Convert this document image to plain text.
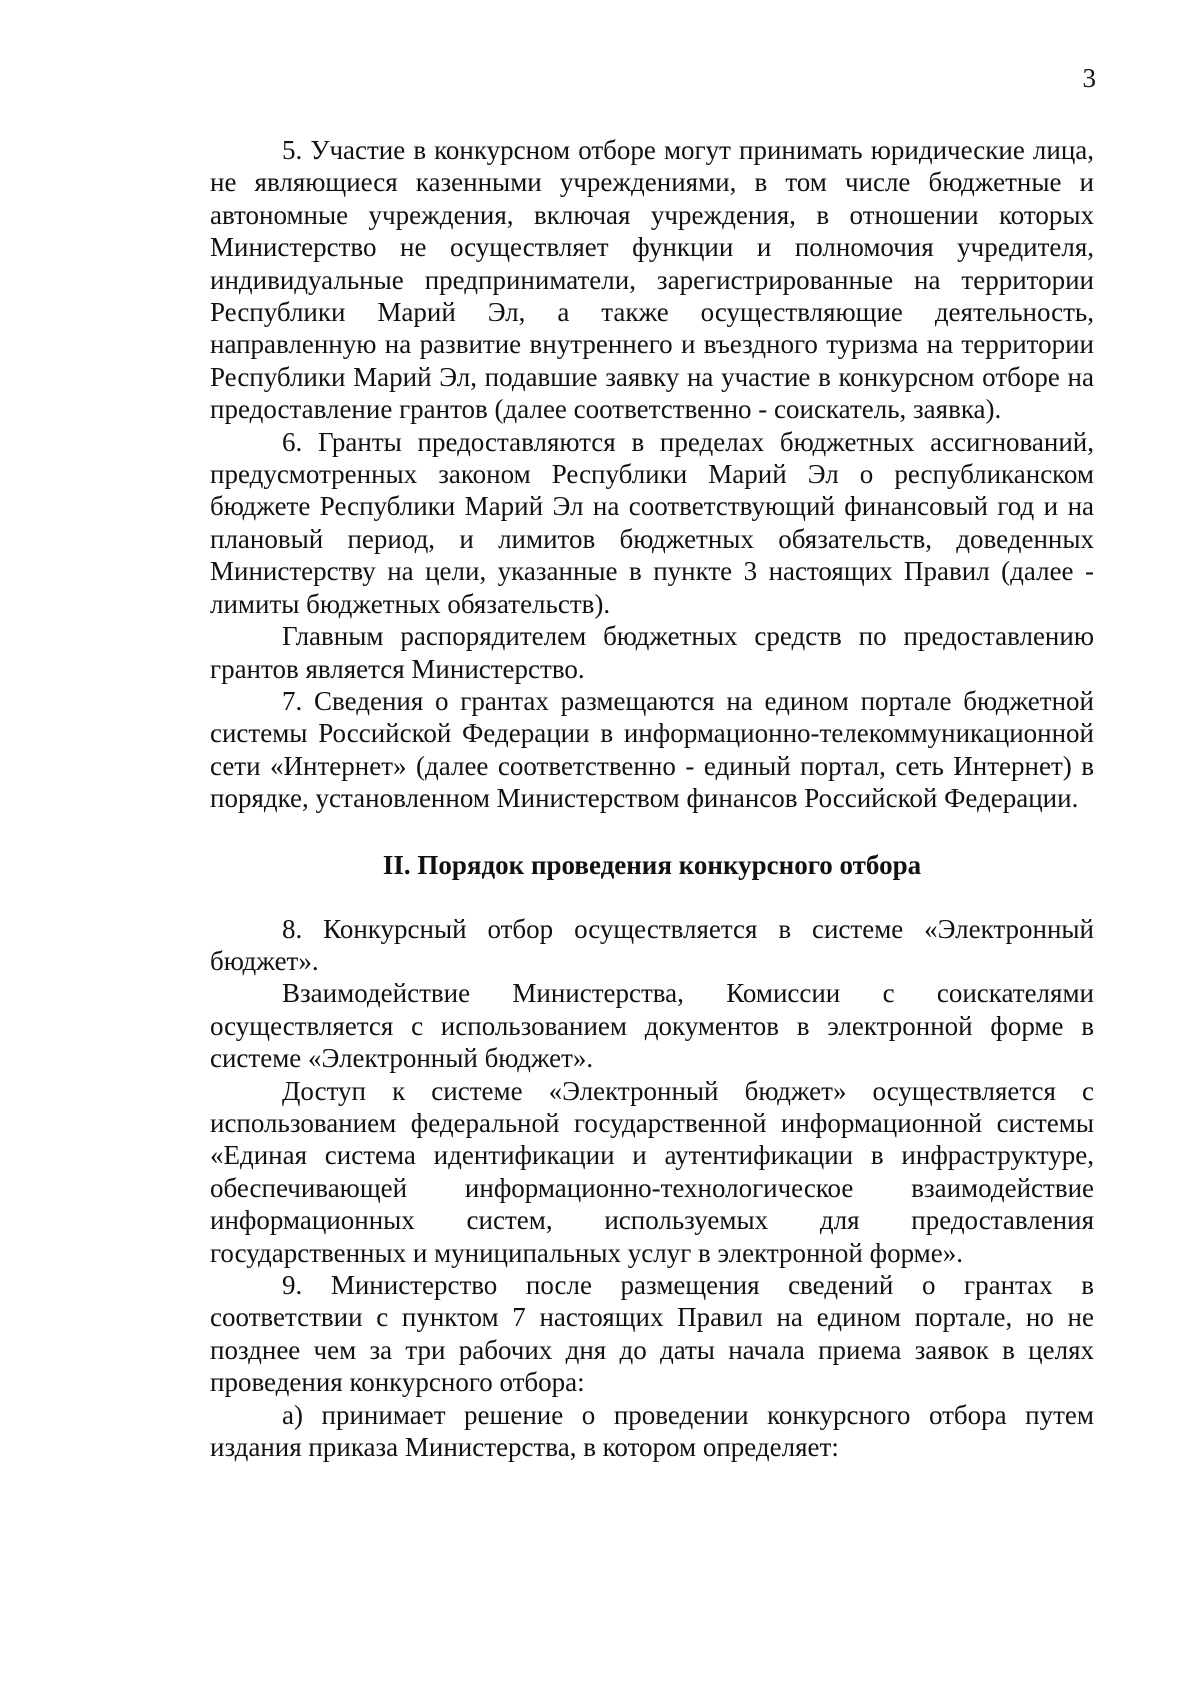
3

5. Участие в конкурсном отборе могут принимать юридические лица, не являющиеся казенными учреждениями, в том числе бюджетные и автономные учреждения, включая учреждения, в отношении которых Министерство не осуществляет функции и полномочия учредителя, индивидуальные предприниматели, зарегистрированные на территории Республики Марий Эл, а также осуществляющие деятельность, направленную на развитие внутреннего и въездного туризма на территории Республики Марий Эл, подавшие заявку на участие в конкурсном отборе на предоставление грантов (далее соответственно - соискатель, заявка).

6. Гранты предоставляются в пределах бюджетных ассигнований, предусмотренных законом Республики Марий Эл о республиканском бюджете Республики Марий Эл на соответствующий финансовый год и на плановый период, и лимитов бюджетных обязательств, доведенных Министерству на цели, указанные в пункте 3 настоящих Правил (далее - лимиты бюджетных обязательств).

Главным распорядителем бюджетных средств по предоставлению грантов является Министерство.

7. Сведения о грантах размещаются на едином портале бюджетной системы Российской Федерации в информационно-телекоммуникационной сети «Интернет» (далее соответственно - единый портал, сеть Интернет) в порядке, установленном Министерством финансов Российской Федерации.

II. Порядок проведения конкурсного отбора

8. Конкурсный отбор осуществляется в системе «Электронный бюджет».

Взаимодействие Министерства, Комиссии с соискателями осуществляется с использованием документов в электронной форме в системе «Электронный бюджет».

Доступ к системе «Электронный бюджет» осуществляется с использованием федеральной государственной информационной системы «Единая система идентификации и аутентификации в инфраструктуре, обеспечивающей информационно-технологическое взаимодействие информационных систем, используемых для предоставления государственных и муниципальных услуг в электронной форме».

9. Министерство после размещения сведений о грантах в соответствии с пунктом 7 настоящих Правил на едином портале, но не позднее чем за три рабочих дня до даты начала приема заявок в целях проведения конкурсного отбора:

а) принимает решение о проведении конкурсного отбора путем издания приказа Министерства, в котором определяет:
